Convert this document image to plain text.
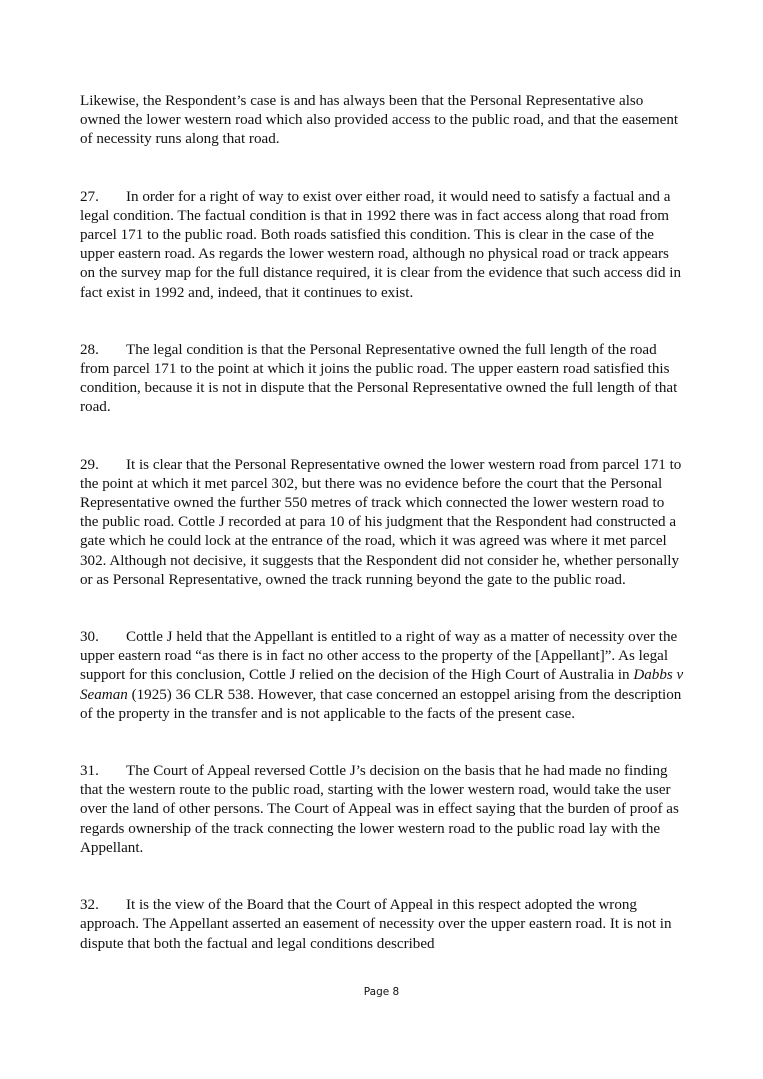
Likewise, the Respondent’s case is and has always been that the Personal Representative also owned the lower western road which also provided access to the public road, and that the easement of necessity runs along that road.

27. In order for a right of way to exist over either road, it would need to satisfy a factual and a legal condition. The factual condition is that in 1992 there was in fact access along that road from parcel 171 to the public road. Both roads satisfied this condition. This is clear in the case of the upper eastern road. As regards the lower western road, although no physical road or track appears on the survey map for the full distance required, it is clear from the evidence that such access did in fact exist in 1992 and, indeed, that it continues to exist.

28. The legal condition is that the Personal Representative owned the full length of the road from parcel 171 to the point at which it joins the public road. The upper eastern road satisfied this condition, because it is not in dispute that the Personal Representative owned the full length of that road.

29. It is clear that the Personal Representative owned the lower western road from parcel 171 to the point at which it met parcel 302, but there was no evidence before the court that the Personal Representative owned the further 550 metres of track which connected the lower western road to the public road. Cottle J recorded at para 10 of his judgment that the Respondent had constructed a gate which he could lock at the entrance of the road, which it was agreed was where it met parcel 302. Although not decisive, it suggests that the Respondent did not consider he, whether personally or as Personal Representative, owned the track running beyond the gate to the public road.

30. Cottle J held that the Appellant is entitled to a right of way as a matter of necessity over the upper eastern road “as there is in fact no other access to the property of the [Appellant]”. As legal support for this conclusion, Cottle J relied on the decision of the High Court of Australia in Dabbs v Seaman (1925) 36 CLR 538. However, that case concerned an estoppel arising from the description of the property in the transfer and is not applicable to the facts of the present case.

31. The Court of Appeal reversed Cottle J’s decision on the basis that he had made no finding that the western route to the public road, starting with the lower western road, would take the user over the land of other persons. The Court of Appeal was in effect saying that the burden of proof as regards ownership of the track connecting the lower western road to the public road lay with the Appellant.

32. It is the view of the Board that the Court of Appeal in this respect adopted the wrong approach. The Appellant asserted an easement of necessity over the upper eastern road. It is not in dispute that both the factual and legal conditions described

Page 8
